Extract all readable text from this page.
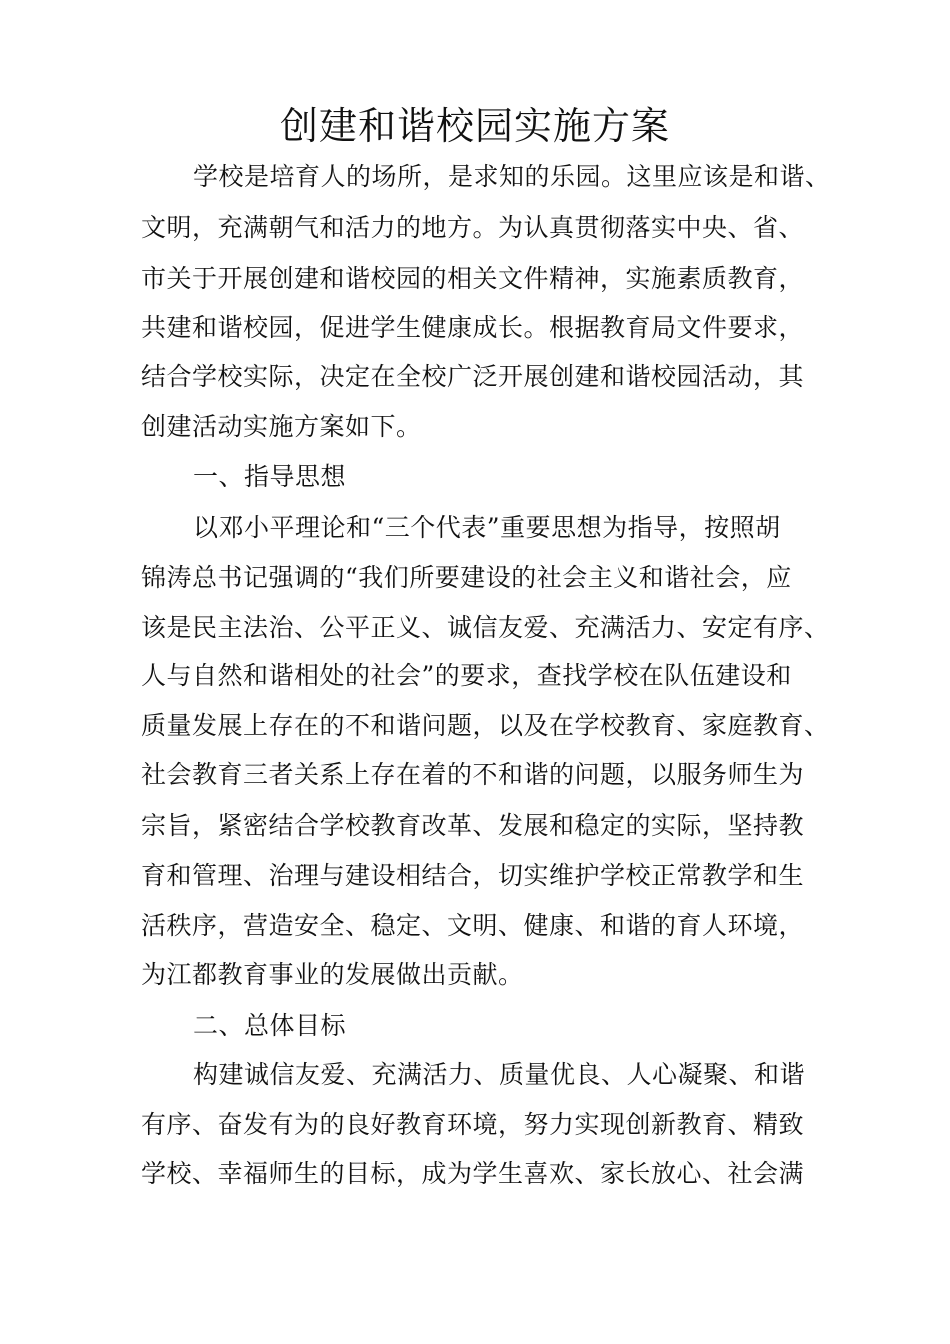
创建和谐校园实施方案
学校是培育人的场所，是求知的乐园。这里应该是和谐、
文明，充满朝气和活力的地方。为认真贯彻落实中央、省、
市关于开展创建和谐校园的相关文件精神，实施素质教育，
共建和谐校园，促进学生健康成长。根据教育局文件要求，
结合学校实际，决定在全校广泛开展创建和谐校园活动，其
创建活动实施方案如下。
一、指导思想
以邓小平理论和“三个代表”重要思想为指导，按照胡
锦涛总书记强调的“我们所要建设的社会主义和谐社会，应
该是民主法治、公平正义、诚信友爱、充满活力、安定有序、
人与自然和谐相处的社会”的要求，查找学校在队伍建设和
质量发展上存在的不和谐问题，以及在学校教育、家庭教育、
社会教育三者关系上存在着的不和谐的问题，以服务师生为
宗旨，紧密结合学校教育改革、发展和稳定的实际，坚持教
育和管理、治理与建设相结合，切实维护学校正常教学和生
活秩序，营造安全、稳定、文明、健康、和谐的育人环境，
为江都教育事业的发展做出贡献。
二、总体目标
构建诚信友爱、充满活力、质量优良、人心凝聚、和谐
有序、奋发有为的良好教育环境，努力实现创新教育、精致
学校、幸福师生的目标，成为学生喜欢、家长放心、社会满
